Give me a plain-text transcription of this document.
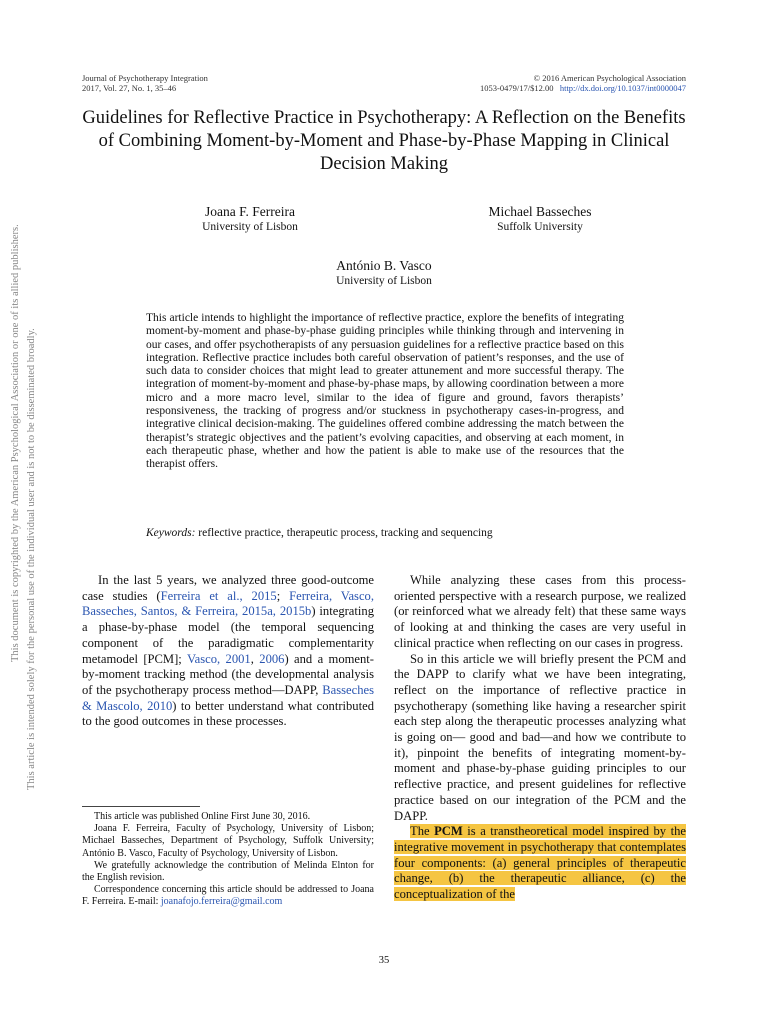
Journal of Psychotherapy Integration
2017, Vol. 27, No. 1, 35–46
© 2016 American Psychological Association
1053-0479/17/$12.00 http://dx.doi.org/10.1037/int0000047
Guidelines for Reflective Practice in Psychotherapy: A Reflection on the Benefits of Combining Moment-by-Moment and Phase-by-Phase Mapping in Clinical Decision Making
Joana F. Ferreira
University of Lisbon
Michael Basseches
Suffolk University
António B. Vasco
University of Lisbon
This article intends to highlight the importance of reflective practice, explore the benefits of integrating moment-by-moment and phase-by-phase guiding principles while thinking through and intervening in our cases, and offer psychotherapists of any persuasion guidelines for a reflective practice based on this integration. Reflective practice includes both careful observation of patient’s responses, and the use of such data to consider choices that might lead to greater attunement and more successful therapy. The integration of moment-by-moment and phase-by-phase maps, by allowing coordination between a more micro and a more macro level, similar to the idea of figure and ground, favors therapists’ responsiveness, the tracking of progress and/or stuckness in psychotherapy cases-in-progress, and integrative clinical decision-making. The guidelines offered combine addressing the match between the therapist’s strategic objectives and the patient’s evolving capacities, and observing at each moment, in each therapeutic phase, whether and how the patient is able to make use of the resources that the therapist offers.
Keywords: reflective practice, therapeutic process, tracking and sequencing

In the last 5 years, we analyzed three good-outcome case studies (Ferreira et al., 2015; Ferreira, Vasco, Basseches, Santos, & Ferreira, 2015a, 2015b) integrating a phase-by-phase model (the temporal sequencing component of the paradigmatic complementarity metamodel [PCM]; Vasco, 2001, 2006) and a moment-by-moment tracking method (the developmental analysis of the psychotherapy process method—DAPP, Basseches & Mascolo, 2010) to better understand what contributed to the good outcomes in these processes.

While analyzing these cases from this process-oriented perspective with a research purpose, we realized (or reinforced what we already felt) that these same ways of looking at and thinking the cases are very useful in clinical practice when reflecting on our cases in progress.

So in this article we will briefly present the PCM and the DAPP to clarify what we have been integrating, reflect on the importance of reflective practice in psychotherapy (something like having a researcher spirit each step along the therapeutic processes analyzing what is going on— good and bad—and how we contribute to it), pinpoint the benefits of integrating moment-by-moment and phase-by-phase guiding principles to our reflective practice, and present guidelines for reflective practice based on our integration of the PCM and the DAPP.

The PCM is a transtheoretical model inspired by the integrative movement in psychotherapy that contemplates four components: (a) general principles of therapeutic change, (b) the therapeutic alliance, (c) the conceptualization of the

This article was published Online First June 30, 2016.

Joana F. Ferreira, Faculty of Psychology, University of Lisbon; Michael Basseches, Department of Psychology, Suffolk University; António B. Vasco, Faculty of Psychology, University of Lisbon.

We gratefully acknowledge the contribution of Melinda Elnton for the English revision.

Correspondence concerning this article should be addressed to Joana F. Ferreira. E-mail: joanafojo.ferreira@gmail.com

35
This document is copyrighted by the American Psychological Association or one of its allied publishers. This article is intended solely for the personal use of the individual user and is not to be disseminated broadly.
